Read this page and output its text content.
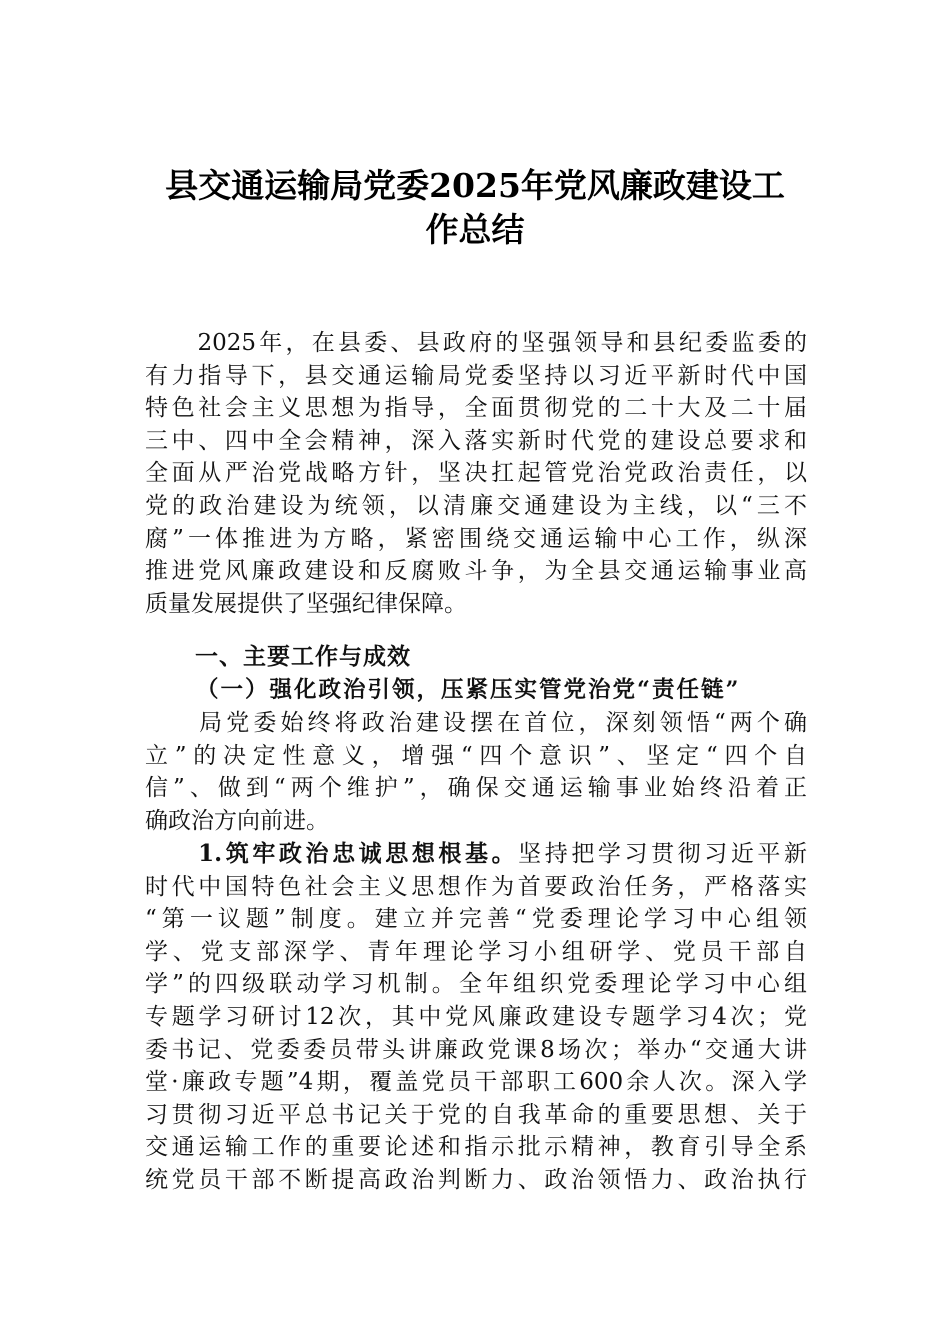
县交通运输局党委2025年党风廉政建设工
作总结
　　2025年，在县委、县政府的坚强领导和县纪委监委的
有力指导下，县交通运输局党委坚持以习近平新时代中国
特色社会主义思想为指导，全面贯彻党的二十大及二十届
三中、四中全会精神，深入落实新时代党的建设总要求和
全面从严治党战略方针，坚决扛起管党治党政治责任，以
党的政治建设为统领，以清廉交通建设为主线，以“三不
腐”一体推进为方略，紧密围绕交通运输中心工作，纵深
推进党风廉政建设和反腐败斗争，为全县交通运输事业高
质量发展提供了坚强纪律保障。
一、主要工作与成效
（一）强化政治引领，压紧压实管党治党“责任链”
　　局党委始终将政治建设摆在首位，深刻领悟“两个确
立”的决定性意义，增强“四个意识”、坚定“四个自
信”、做到“两个维护”，确保交通运输事业始终沿着正
确政治方向前进。
　　1.筑牢政治忠诚思想根基。坚持把学习贯彻习近平新
时代中国特色社会主义思想作为首要政治任务，严格落实
“第一议题”制度。建立并完善“党委理论学习中心组领
学、党支部深学、青年理论学习小组研学、党员干部自
学”的四级联动学习机制。全年组织党委理论学习中心组
专题学习研讨12次，其中党风廉政建设专题学习4次；党
委书记、党委委员带头讲廉政党课8场次；举办“交通大讲
堂·廉政专题”4期，覆盖党员干部职工600余人次。深入学
习贯彻习近平总书记关于党的自我革命的重要思想、关于
交通运输工作的重要论述和指示批示精神，教育引导全系
统党员干部不断提高政治判断力、政治领悟力、政治执行
